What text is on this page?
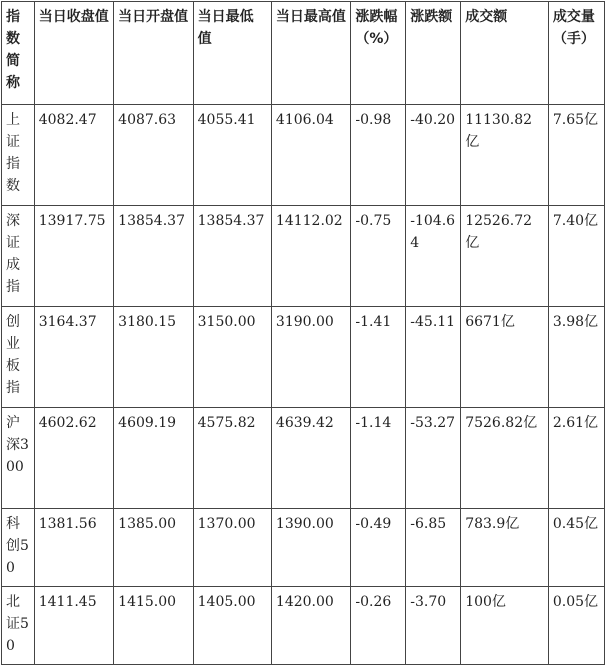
指数简称	当日收盘值	当日开盘值	当日最低值	当日最高值	涨跌幅（%）	涨跌额	成交额	成交量（手）
上证指数	4082.47	4087.63	4055.41	4106.04	-0.98	-40.20	11130.82亿	7.65亿
深证成指	13917.75	13854.37	13854.37	14112.02	-0.75	-104.64	12526.72亿	7.40亿
创业板指	3164.37	3180.15	3150.00	3190.00	-1.41	-45.11	6671亿	3.98亿
沪深300	4602.62	4609.19	4575.82	4639.42	-1.14	-53.27	7526.82亿	2.61亿
科创50	1381.56	1385.00	1370.00	1390.00	-0.49	-6.85	783.9亿	0.45亿
北证50	1411.45	1415.00	1405.00	1420.00	-0.26	-3.70	100亿	0.05亿
